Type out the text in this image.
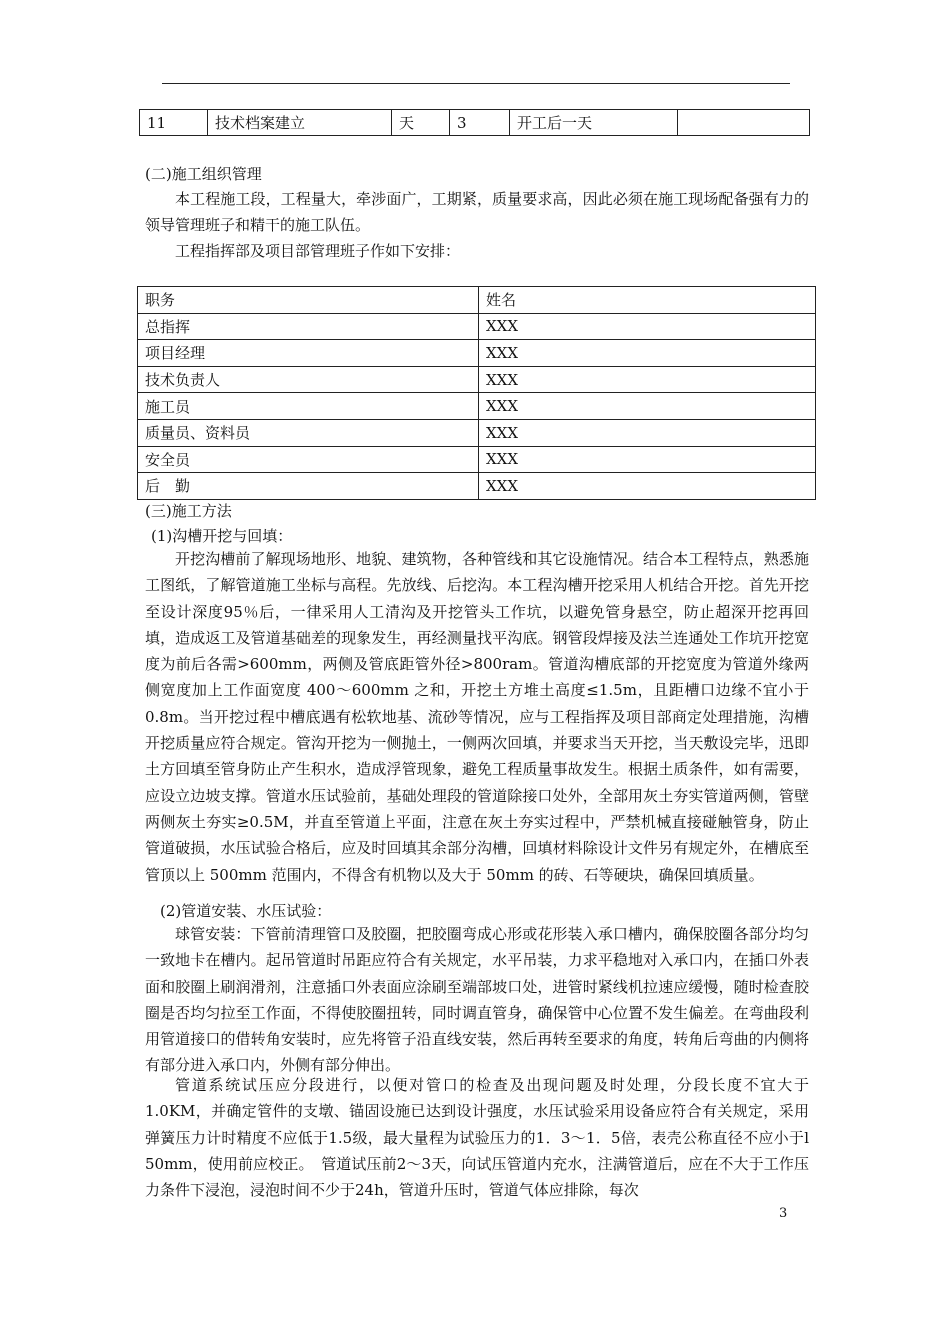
11	技术档案建立	天	3	开工后一天	
(二)施工组织管理

本工程施工段，工程量大，牵涉面广，工期紧，质量要求高，因此必须在施工现场配备强有力的领导管理班子和精干的施工队伍。

工程指挥部及项目部管理班子作如下安排：

职务	姓名
总指挥	XXX
项目经理	XXX
技术负责人	XXX
施工员	XXX
质量员、资料员	XXX
安全员	XXX
后　勤	XXX
(三)施工方法
(1)沟槽开挖与回填：

开挖沟槽前了解现场地形、地貌、建筑物，各种管线和其它设施情况。结合本工程特点，熟悉施工图纸，了解管道施工坐标与高程。先放线、后挖沟。本工程沟槽开挖采用人机结合开挖。首先开挖至设计深度95％后，一律采用人工清沟及开挖管头工作坑，以避免管身悬空，防止超深开挖再回填，造成返工及管道基础差的现象发生，再经测量找平沟底。钢管段焊接及法兰连通处工作坑开挖宽度为前后各需>600mm，两侧及管底距管外径>800ram。管道沟槽底部的开挖宽度为管道外缘两侧宽度加上工作面宽度 400～600mm 之和，开挖土方堆土高度≤1.5m，且距槽口边缘不宜小于 0.8m。当开挖过程中槽底遇有松软地基、流砂等情况，应与工程指挥及项目部商定处理措施，沟槽开挖质量应符合规定。管沟开挖为一侧抛土，一侧两次回填，并要求当天开挖，当天敷设完毕，迅即土方回填至管身防止产生积水，造成浮管现象，避免工程质量事故发生。根据土质条件，如有需要，应设立边坡支撑。管道水压试验前，基础处理段的管道除接口处外，全部用灰土夯实管道两侧，管壁两侧灰土夯实≥0.5M，并直至管道上平面，注意在灰土夯实过程中，严禁机械直接碰触管身，防止管道破损，水压试验合格后，应及时回填其余部分沟槽，回填材料除设计文件另有规定外，在槽底至管顶以上 500mm 范围内，不得含有机物以及大于 50mm 的砖、石等硬块，确保回填质量。

(2)管道安装、水压试验：

球管安装：下管前清理管口及胶圈，把胶圈弯成心形或花形装入承口槽内，确保胶圈各部分均匀一致地卡在槽内。起吊管道时吊距应符合有关规定，水平吊装，力求平稳地对入承口内，在插口外表面和胶圈上刷润滑剂，注意插口外表面应涂刷至端部坡口处，进管时紧线机拉速应缓慢，随时检查胶圈是否均匀拉至工作面，不得使胶圈扭转，同时调直管身，确保管中心位置不发生偏差。在弯曲段利用管道接口的借转角安装时，应先将管子沿直线安装，然后再转至要求的角度，转角后弯曲的内侧将有部分进入承口内，外侧有部分伸出。

管道系统试压应分段进行，以便对管口的检查及出现问题及时处理，分段长度不宜大于1.0KM，并确定管件的支墩、锚固设施已达到设计强度，水压试验采用设备应符合有关规定，采用弹簧压力计时精度不应低于1.5级，最大量程为试验压力的1．3～1．5倍，表壳公称直径不应小于l 50mm，使用前应校正。　管道试压前2～3天，向试压管道内充水，注满管道后，应在不大于工作压力条件下浸泡，浸泡时间不少于24h，管道升压时，管道气体应排除，每次

3
